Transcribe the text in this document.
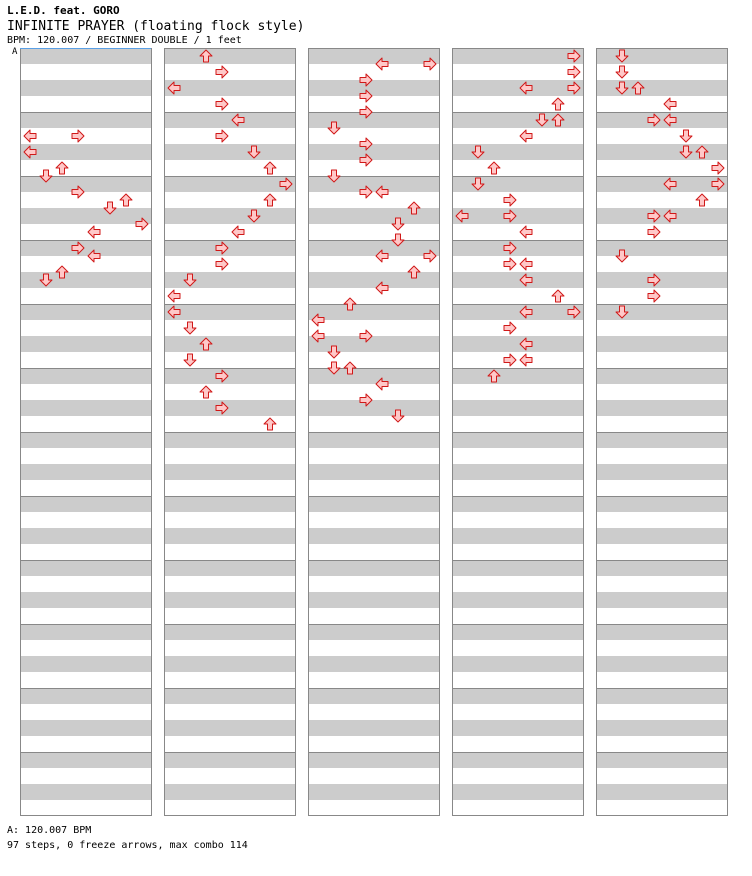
L.E.D. feat. GORO
INFINITE PRAYER (floating flock style)
BPM: 120.007 / BEGINNER DOUBLE / 1 feet
A
A: 120.007 BPM
97 steps, 0 freeze arrows, max combo 114
